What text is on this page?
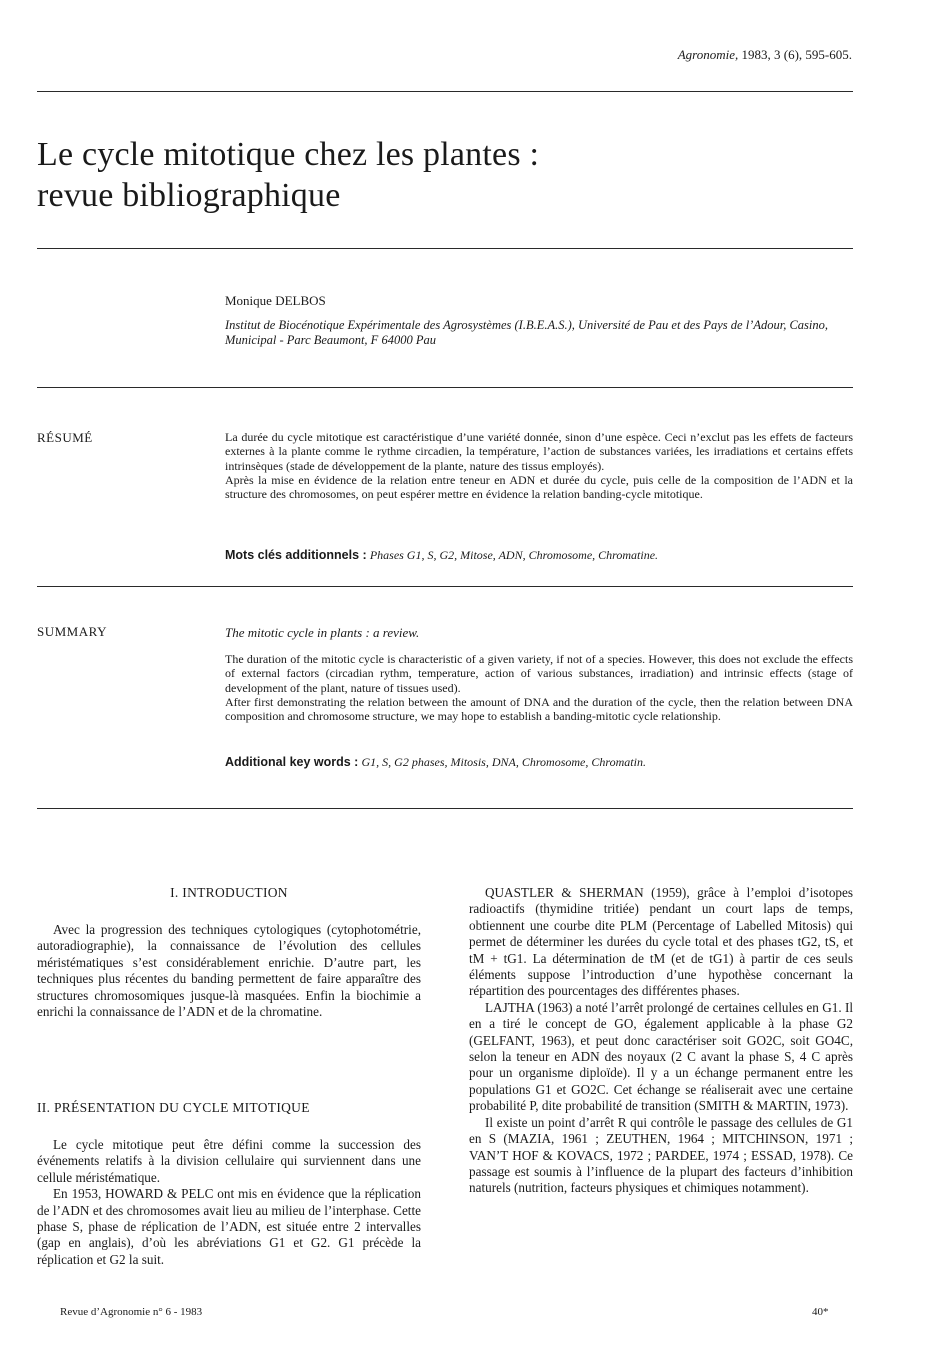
Agronomie, 1983, 3 (6), 595-605.
Le cycle mitotique chez les plantes :
revue bibliographique
Monique DELBOS
Institut de Biocénotique Expérimentale des Agrosystèmes (I.B.E.A.S.), Université de Pau et des Pays de l’Adour, Casino, Municipal - Parc Beaumont, F 64000 Pau
RÉSUMÉ	La durée du cycle mitotique est caractéristique d’une variété donnée, sinon d’une espèce. Ceci n’exclut pas les effets de facteurs externes à la plante comme le rythme circadien, la température, l’action de substances variées, les irradiations et certains effets intrinsèques (stade de développement de la plante, nature des tissus employés).

Après la mise en évidence de la relation entre teneur en ADN et durée du cycle, puis celle de la composition de l’ADN et la structure des chromosomes, on peut espérer mettre en évidence la relation banding-cycle mitotique.

Mots clés additionnels : Phases G1, S, G2, Mitose, ADN, Chromosome, Chromatine.
SUMMARY	The mitotic cycle in plants : a review.

The duration of the mitotic cycle is characteristic of a given variety, if not of a species. However, this does not exclude the effects of external factors (circadian rythm, temperature, action of various substances, irradiation) and intrinsic effects (stage of development of the plant, nature of tissues used).

After first demonstrating the relation between the amount of DNA and the duration of the cycle, then the relation between DNA composition and chromosome structure, we may hope to establish a banding-mitotic cycle relationship.

Additional key words : G1, S, G2 phases, Mitosis, DNA, Chromosome, Chromatin.
I. INTRODUCTION

Avec la progression des techniques cytologiques (cytophotométrie, autoradiographie), la connaissance de l’évolution des cellules méristématiques s’est considérablement enrichie. D’autre part, les techniques plus récentes du banding permettent de faire apparaître des structures chromosomiques jusque-là masquées. Enfin la biochimie a enrichi la connaissance de l’ADN et de la chromatine.

II. PRÉSENTATION DU CYCLE MITOTIQUE

Le cycle mitotique peut être défini comme la succession des événements relatifs à la division cellulaire qui surviennent dans une cellule méristématique.

En 1953, HOWARD & PELC ont mis en évidence que la réplication de l’ADN et des chromosomes avait lieu au milieu de l’interphase. Cette phase S, phase de réplication de l’ADN, est située entre 2 intervalles (gap en anglais), d’où les abréviations G1 et G2. G1 précède la réplication et G2 la suit.

QUASTLER & SHERMAN (1959), grâce à l’emploi d’isotopes radioactifs (thymidine tritiée) pendant un court laps de temps, obtiennent une courbe dite PLM (Percentage of Labelled Mitosis) qui permet de déterminer les durées du cycle total et des phases tG2, tS, et tM + tG1. La détermination de tM (et de tG1) à partir de ces seuls éléments suppose l’introduction d’une hypothèse concernant la répartition des pourcentages des différentes phases.

LAJTHA (1963) a noté l’arrêt prolongé de certaines cellules en G1. Il en a tiré le concept de GO, également applicable à la phase G2 (GELFANT, 1963), et peut donc caractériser soit GO2C, soit GO4C, selon la teneur en ADN des noyaux (2 C avant la phase S, 4 C après pour un organisme diploïde). Il y a un échange permanent entre les populations G1 et GO2C. Cet échange se réaliserait avec une certaine probabilité P, dite probabilité de transition (SMITH & MARTIN, 1973).

Il existe un point d’arrêt R qui contrôle le passage des cellules de G1 en S (MAZIA, 1961 ; ZEUTHEN, 1964 ; MITCHINSON, 1971 ; VAN’T HOF & KOVACS, 1972 ; PARDEE, 1974 ; ESSAD, 1978). Ce passage est soumis à l’influence de la plupart des facteurs d’inhibition naturels (nutrition, facteurs physiques et chimiques notamment).

Revue d’Agronomie n° 6 - 1983	40*
